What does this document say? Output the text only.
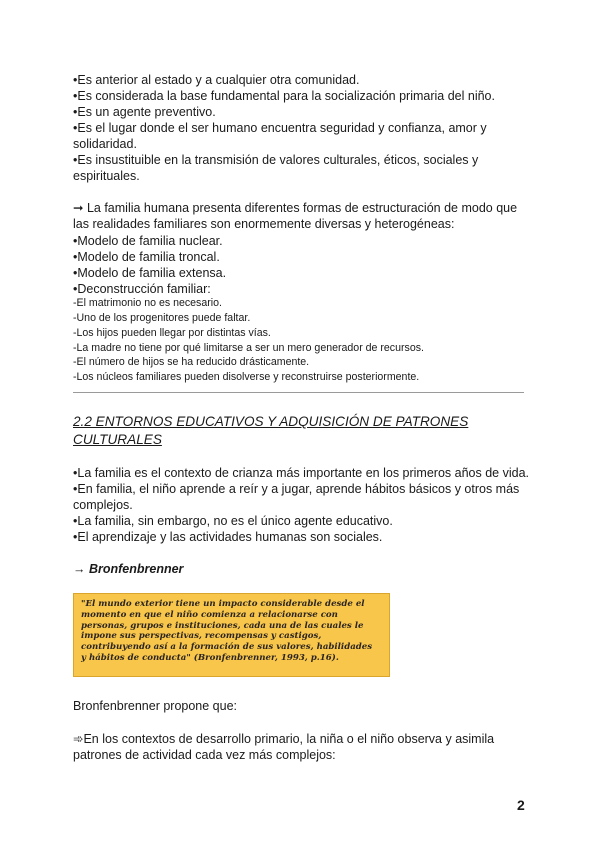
•Es anterior al estado y a cualquier otra comunidad.
•Es considerada la base fundamental para la socialización primaria del niño.
•Es un agente preventivo.
•Es el lugar donde el ser humano encuentra seguridad y confianza, amor y
solidaridad.
•Es insustituible en la transmisión de valores culturales, éticos, sociales y
espirituales.
➞ La familia humana presenta diferentes formas de estructuración de modo que
las realidades familiares son enormemente diversas y heterogéneas:
•Modelo de familia nuclear.
•Modelo de familia troncal.
•Modelo de familia extensa.
•Deconstrucción familiar:
-El matrimonio no es necesario.
-Uno de los progenitores puede faltar.
-Los hijos pueden llegar por distintas vías.
-La madre no tiene por qué limitarse a ser un mero generador de recursos.
-El número de hijos se ha reducido drásticamente.
-Los núcleos familiares pueden disolverse y reconstruirse posteriormente.
2.2 ENTORNOS EDUCATIVOS Y ADQUISICIÓN DE PATRONES
CULTURALES
•La familia es el contexto de crianza más importante en los primeros años de vida.
•En familia, el niño aprende a reír y a jugar, aprende hábitos básicos y otros más
complejos.
•La familia, sin embargo, no es el único agente educativo.
•El aprendizaje y las actividades humanas son sociales.
→ Bronfenbrenner
"El mundo exterior tiene un impacto considerable desde el
momento en que el niño comienza a relacionarse con
personas, grupos e instituciones, cada una de las cuales le
impone sus perspectivas, recompensas y castigos,
contribuyendo así a la formación de sus valores, habilidades
y hábitos de conducta" (Bronfenbrenner, 1993, p.16).
Bronfenbrenner propone que:
➾En los contextos de desarrollo primario, la niña o el niño observa y asimila
patrones de actividad cada vez más complejos:
2
